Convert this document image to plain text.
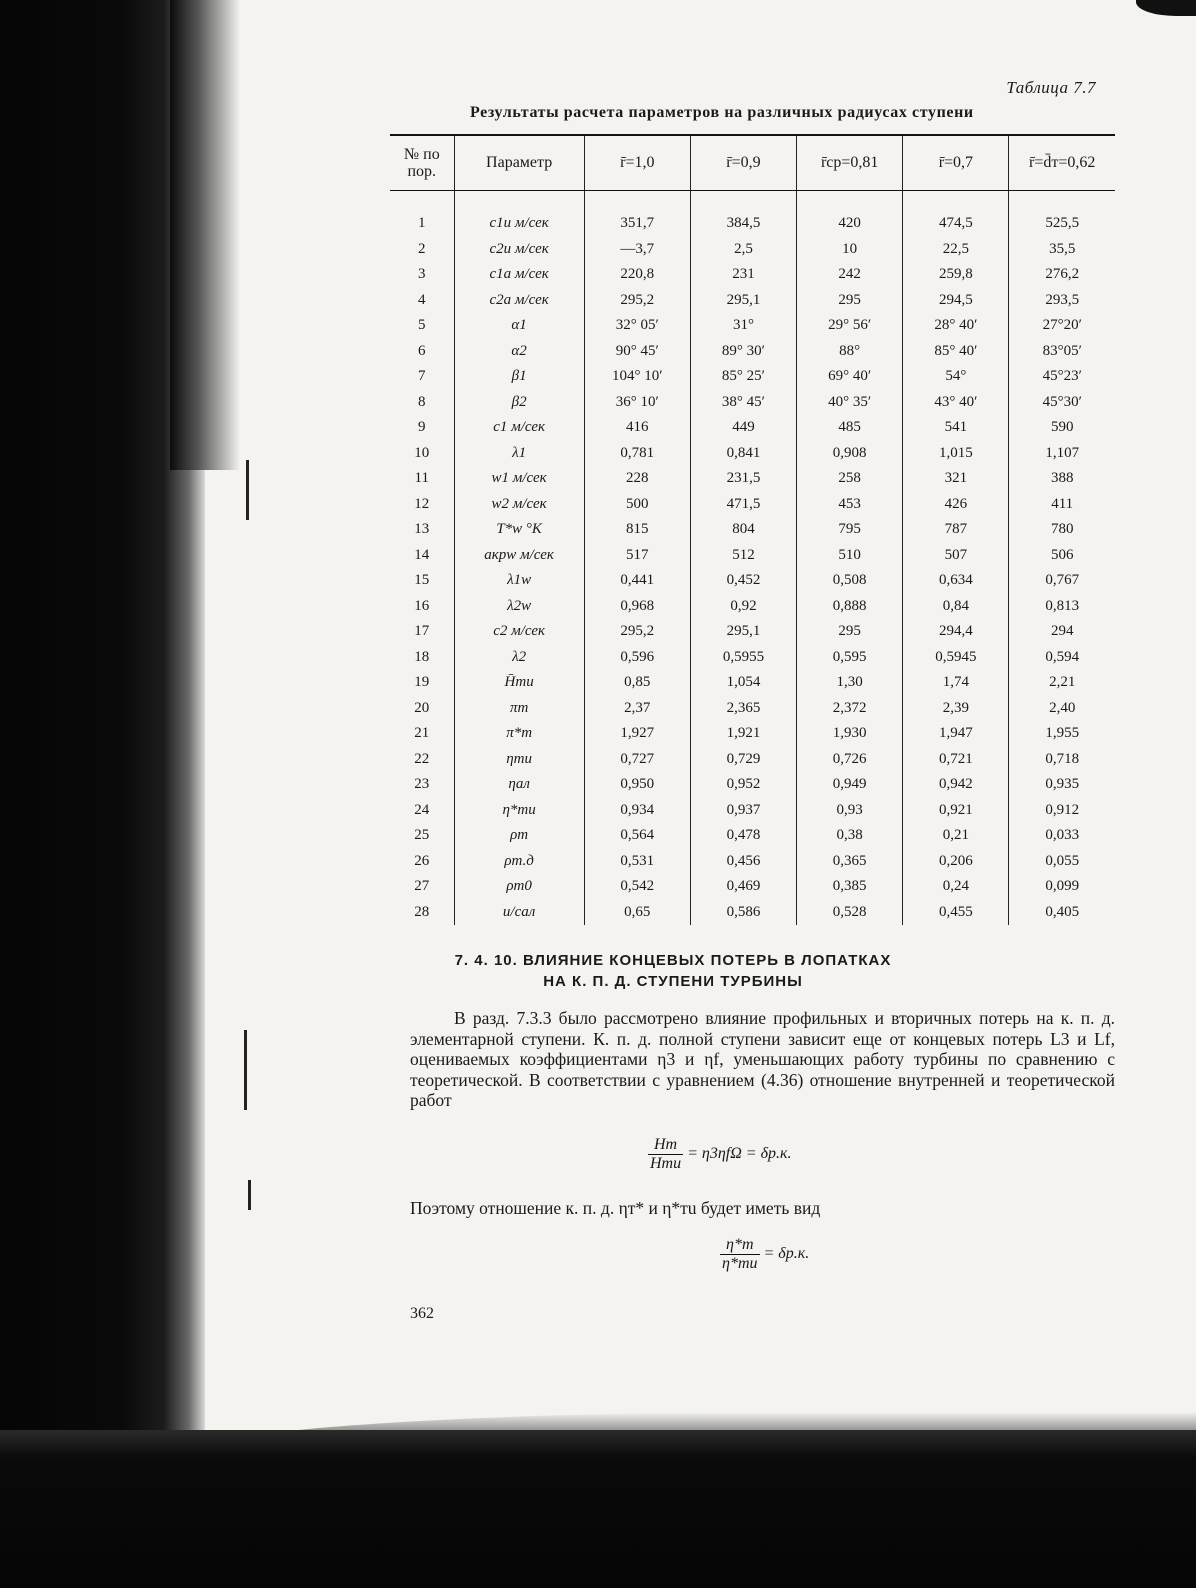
Таблица 7.7
Результаты расчета параметров на различных радиусах ступени
№ по пор.	Параметр	r̄=1,0	r̄=0,9	r̄ср=0,81	r̄=0,7	r̄=d̄т=0,62

1	c1u м/сек	351,7	384,5	420	474,5	525,5
2	c2u м/сек	—3,7	2,5	10	22,5	35,5
3	c1a м/сек	220,8	231	242	259,8	276,2
4	c2a м/сек	295,2	295,1	295	294,5	293,5
5	α1	32° 05′	31°	29° 56′	28° 40′	27°20′
6	α2	90° 45′	89° 30′	88°	85° 40′	83°05′
7	β1	104° 10′	85° 25′	69° 40′	54°	45°23′
8	β2	36° 10′	38° 45′	40° 35′	43° 40′	45°30′
9	c1 м/сек	416	449	485	541	590
10	λ1	0,781	0,841	0,908	1,015	1,107
11	w1 м/сек	228	231,5	258	321	388
12	w2 м/сек	500	471,5	453	426	411
13	T*w °K	815	804	795	787	780
14	aкрw м/сек	517	512	510	507	506
15	λ1w	0,441	0,452	0,508	0,634	0,767
16	λ2w	0,968	0,92	0,888	0,84	0,813
17	c2 м/сек	295,2	295,1	295	294,4	294
18	λ2	0,596	0,5955	0,595	0,5945	0,594
19	H̄тu	0,85	1,054	1,30	1,74	2,21
20	πт	2,37	2,365	2,372	2,39	2,40
21	π*т	1,927	1,921	1,930	1,947	1,955
22	ηтu	0,727	0,729	0,726	0,721	0,718
23	ηал	0,950	0,952	0,949	0,942	0,935
24	η*тu	0,934	0,937	0,93	0,921	0,912
25	ρт	0,564	0,478	0,38	0,21	0,033
26	ρт.д	0,531	0,456	0,365	0,206	0,055
27	ρт0	0,542	0,469	0,385	0,24	0,099
28	u/cал	0,65	0,586	0,528	0,455	0,405
7. 4. 10. ВЛИЯНИЕ КОНЦЕВЫХ ПОТЕРЬ В ЛОПАТКАХ
НА К. П. Д. СТУПЕНИ ТУРБИНЫ
В разд. 7.3.3 было рассмотрено влияние профильных и вторичных потерь на к. п. д. элементарной ступени. К. п. д. полной ступени зависит еще от концевых потерь L3 и Lf, оцениваемых коэффициентами η3 и ηf, уменьшающих работу турбины по сравнению с теоретической. В соответствии с уравнением (4.36) отношение внутренней и теоретической работ
$\frac{Hт}{\text{Hтu}} = \eta 3\eta f\Omega = \delta р.к$.
Поэтому отношение к. п. д. ηт* и η*тu будет иметь вид
$\frac{\eta*т}{\eta*тu} = \delta р.к$.
362
